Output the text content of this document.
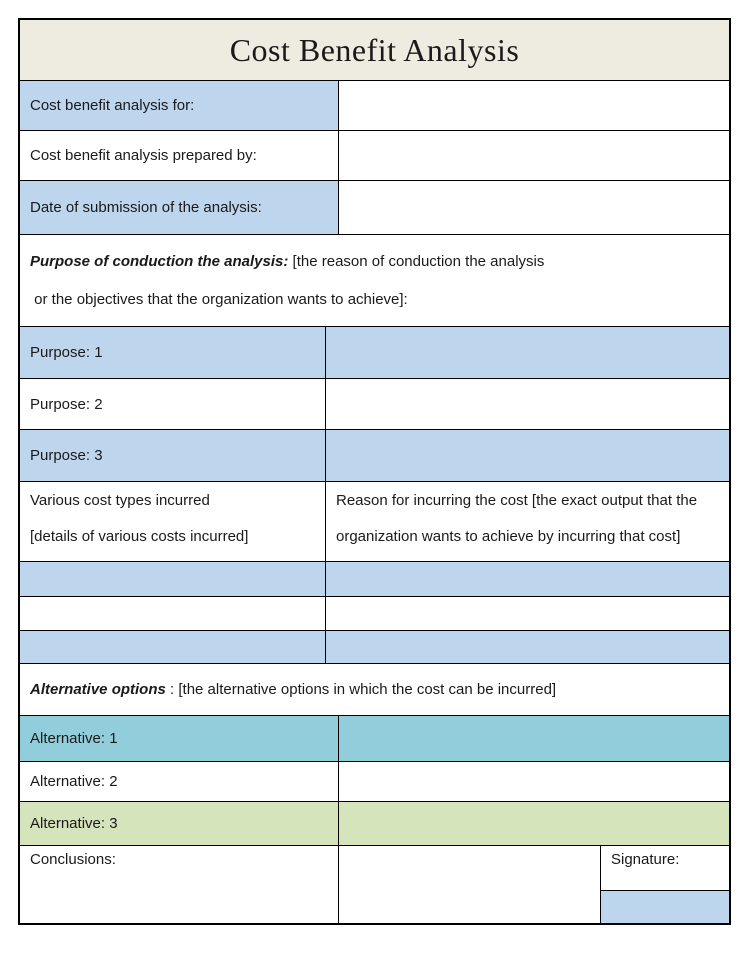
Cost Benefit Analysis
Cost benefit analysis for:
Cost benefit analysis prepared by:
Date of submission of the analysis:

Purpose of conduction the analysis: [the reason of conduction the analysis

or the objectives that the organization wants to achieve]:

Purpose: 1
Purpose: 2
Purpose: 3

Various cost types incurred

[details of various costs incurred]

Reason for incurring the cost [the exact output that the

organization wants to achieve by incurring that cost]

Alternative options : [the alternative options in which the cost can be incurred]

Alternative: 1
Alternative: 2
Alternative: 3
Conclusions:	Signature:
